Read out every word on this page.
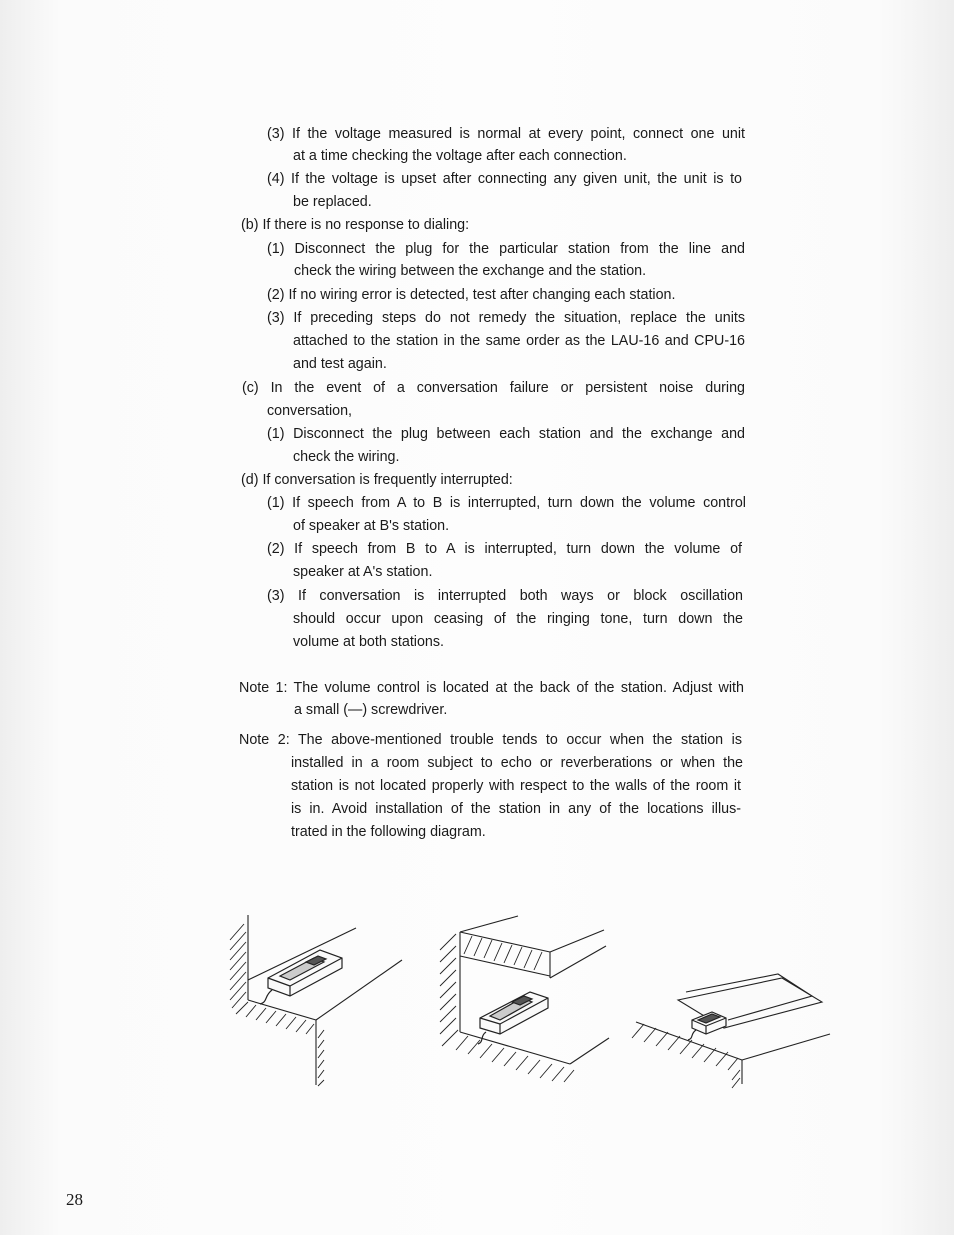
(3) If the voltage measured is normal at every point, connect one unit
at a time checking the voltage after each connection.
(4) If the voltage is upset after connecting any given unit, the unit is to
be replaced.
(b) If there is no response to dialing:
(1) Disconnect the plug for the particular station from the line and
check the wiring between the exchange and the station.
(2) If no wiring error is detected, test after changing each station.
(3) If preceding steps do not remedy the situation, replace the units
attached to the station in the same order as the LAU-16 and CPU-16
and test again.
(c) In the event of a conversation failure or persistent noise during
conversation,
(1) Disconnect the plug between each station and the exchange and
check the wiring.
(d) If conversation is frequently interrupted:
(1) If speech from A to B is interrupted, turn down the volume control
of speaker at B's station.
(2) If speech from B to A is interrupted, turn down the volume of
speaker at A's station.
(3) If conversation is interrupted both ways or block oscillation
should occur upon ceasing of the ringing tone, turn down the
volume at both stations.
Note 1: The volume control is located at the back of the station. Adjust with
a small (—) screwdriver.
Note 2: The above-mentioned trouble tends to occur when the station is
installed in a room subject to echo or reverberations or when the
station is not located properly with respect to the walls of the room it
is in. Avoid installation of the station in any of the locations illus-
trated in the following diagram.
28
